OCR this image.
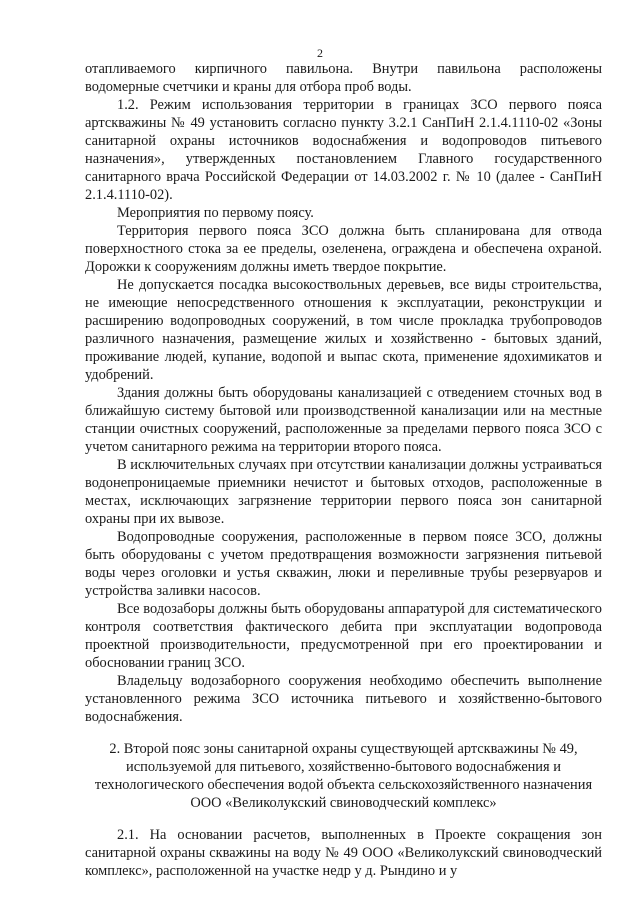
2

отапливаемого кирпичного павильона. Внутри павильона расположены водомерные счетчики и краны для отбора проб воды.

1.2. Режим использования территории в границах ЗСО первого пояса артскважины № 49 установить согласно пункту 3.2.1 СанПиН 2.1.4.1110-02 «Зоны санитарной охраны источников водоснабжения и водопроводов питьевого назначения», утвержденных постановлением Главного государственного санитарного врача Российской Федерации от 14.03.2002 г. № 10 (далее - СанПиН 2.1.4.1110-02).

Мероприятия по первому поясу.

Территория первого пояса ЗСО должна быть спланирована для отвода поверхностного стока за ее пределы, озеленена, ограждена и обеспечена охраной. Дорожки к сооружениям должны иметь твердое покрытие.

Не допускается посадка высокоствольных деревьев, все виды строительства, не имеющие непосредственного отношения к эксплуатации, реконструкции и расширению водопроводных сооружений, в том числе прокладка трубопроводов различного назначения, размещение жилых и хозяйственно - бытовых зданий, проживание людей, купание, водопой и выпас скота, применение ядохимикатов и удобрений.

Здания должны быть оборудованы канализацией с отведением сточных вод в ближайшую систему бытовой или производственной канализации или на местные станции очистных сооружений, расположенные за пределами первого пояса ЗСО с учетом санитарного режима на территории второго пояса.

В исключительных случаях при отсутствии канализации должны устраиваться водонепроницаемые приемники нечистот и бытовых отходов, расположенные в местах, исключающих загрязнение территории первого пояса зон санитарной охраны при их вывозе.

Водопроводные сооружения, расположенные в первом поясе ЗСО, должны быть оборудованы с учетом предотвращения возможности загрязнения питьевой воды через оголовки и устья скважин, люки и переливные трубы резервуаров и устройства заливки насосов.

Все водозаборы должны быть оборудованы аппаратурой для систематического контроля соответствия фактического дебита при эксплуатации водопровода проектной производительности, предусмотренной при его проектировании и обосновании границ ЗСО.

Владельцу водозаборного сооружения необходимо обеспечить выполнение установленного режима ЗСО источника питьевого и хозяйственно-бытового водоснабжения.

2. Второй пояс зоны санитарной охраны существующей артскважины № 49, используемой для питьевого, хозяйственно-бытового водоснабжения и технологического обеспечения водой объекта сельскохозяйственного назначения ООО «Великолукский свиноводческий комплекс»

2.1. На основании расчетов, выполненных в Проекте сокращения зон санитарной охраны скважины на воду № 49 ООО «Великолукский свиноводческий комплекс», расположенной на участке недр у д. Рындино и у
